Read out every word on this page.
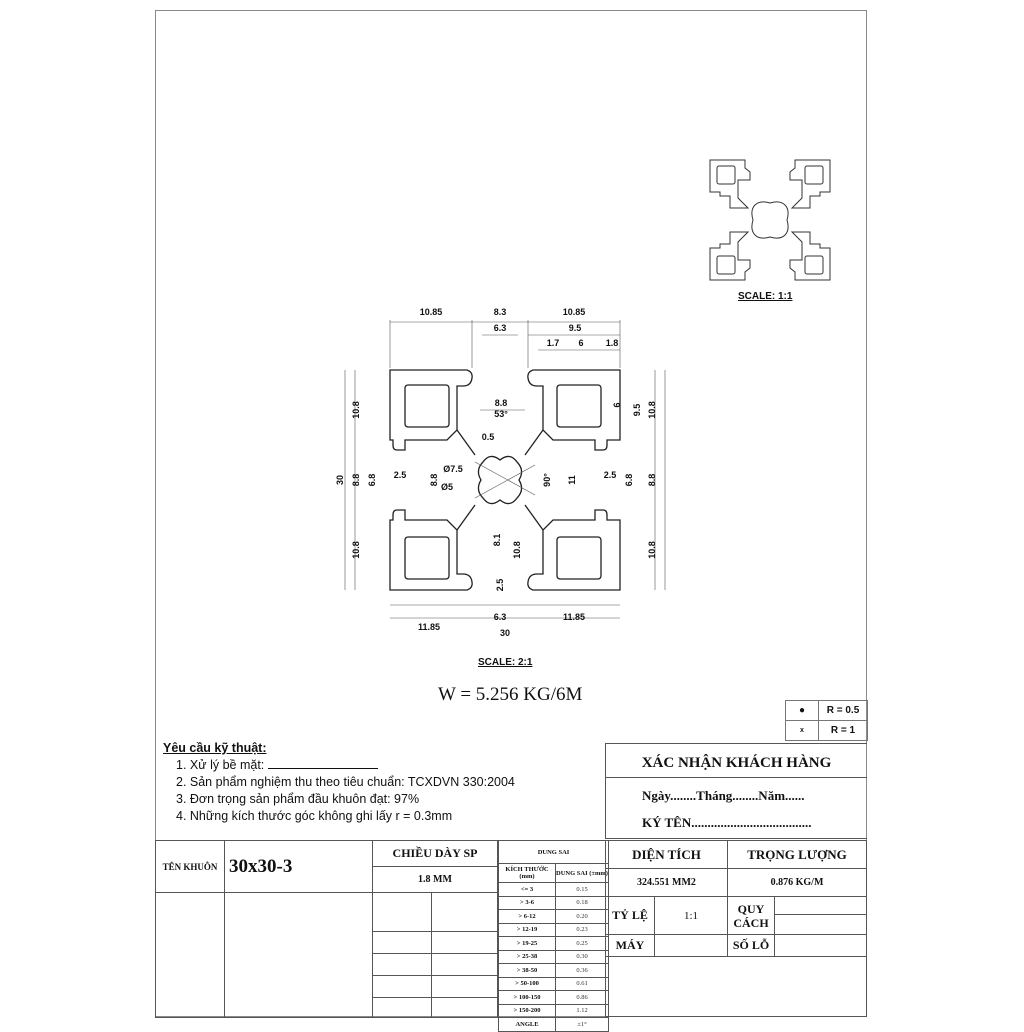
SCALE: 1:1
10.85	8.3	10.85
6.3	9.5
1.7 6 1.8
8.8
53°
0.5
Ø7.5
Ø5
2.5	2.5
11.85
6.3	11.85
30
30
10.8
10.8
8.8 6.8	8.8	90° 11	6.8 8.8
10.8
10.8
9.5
6
8.1
10.8
2.5
SCALE: 2:1
W = 5.256 KG/6M
●	R = 0.5
x	R = 1
Yêu cầu kỹ thuật:
1. Xử lý bề mặt:
2. Sản phẩm nghiệm thu theo tiêu chuẩn: TCXDVN 330:2004
3. Đơn trọng sản phẩm đầu khuôn đạt: 97%
4. Những kích thước góc không ghi lấy r = 0.3mm
XÁC NHẬN KHÁCH HÀNG
Ngày........Tháng........Năm......
KÝ TÊN.....................................
TÊN KHUÔN	30x30-3	CHIỀU DÀY SP	
		1.8 MM	

DUNG SAI	
KÍCH THƯỚC (mm)	DUNG SAI (±mm)
<= 3	0.15
> 3-6	0.18
> 6-12	0.20
> 12-19	0.23
> 19-25	0.25
> 25-38	0.30
> 38-50	0.36
> 50-100	0.61
> 100-150	0.86
> 150-200	1.12
ANGLE	±1°
DIỆN TÍCH		TRỌNG LƯỢNG	
324.551 MM2		0.876 KG/M	
TỶ LỆ	1:1	QUY CÁCH	

MÁY		SỐ LỖ	
